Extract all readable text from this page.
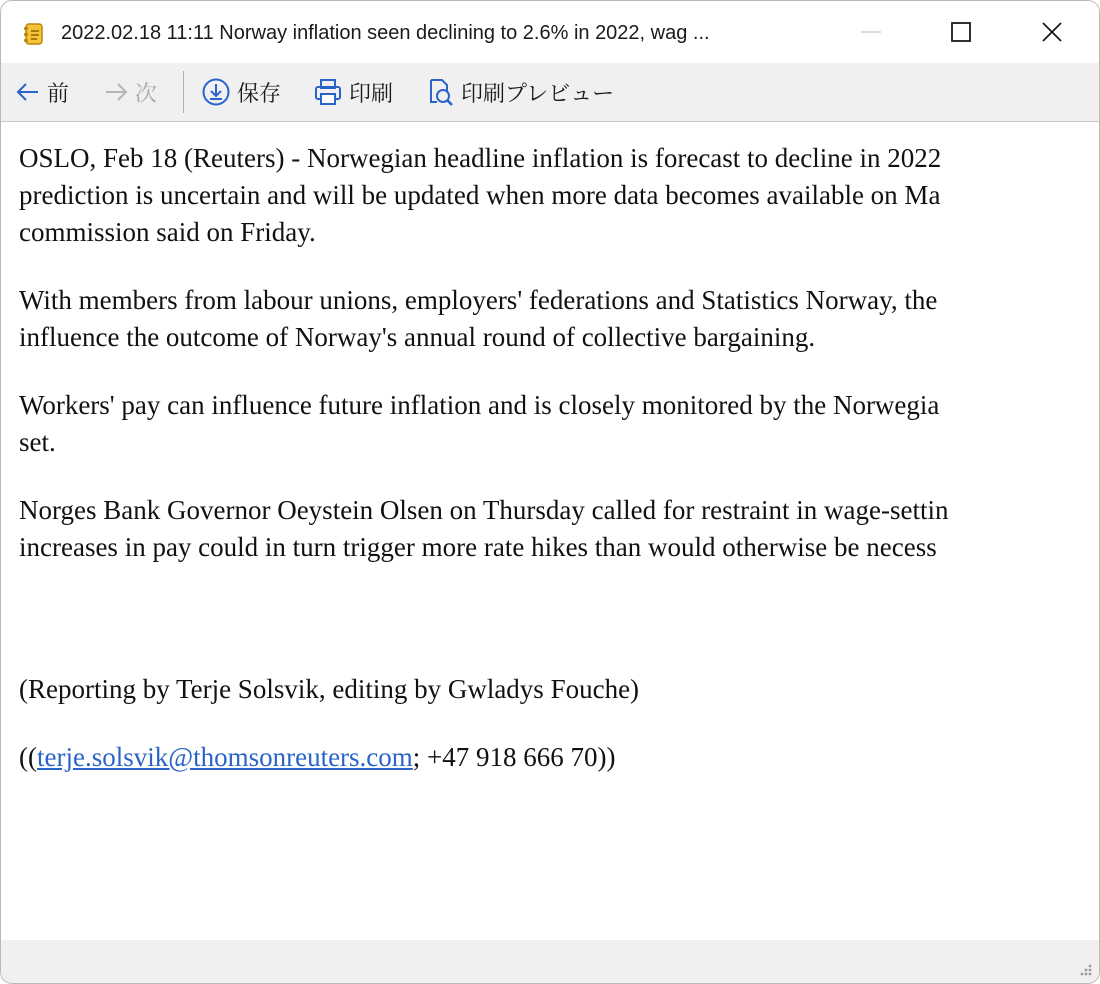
2022.02.18 11:11 Norway inflation seen declining to 2.6% in 2022, wag ...
前	次	保存	印刷	印刷プレビュー

OSLO, Feb 18 (Reuters) - Norwegian headline inflation is forecast to decline in 2022

prediction is uncertain and will be updated when more data becomes available on Ma

commission said on Friday.

With members from labour unions, employers' federations and Statistics Norway, the

influence the outcome of Norway's annual round of collective bargaining.

Workers' pay can influence future inflation and is closely monitored by the Norwegia

set.

Norges Bank Governor Oeystein Olsen on Thursday called for restraint in wage-settin

increases in pay could in turn trigger more rate hikes than would otherwise be necess

(Reporting by Terje Solsvik, editing by Gwladys Fouche)

((terje.solsvik@thomsonreuters.com; +47 918 666 70))
